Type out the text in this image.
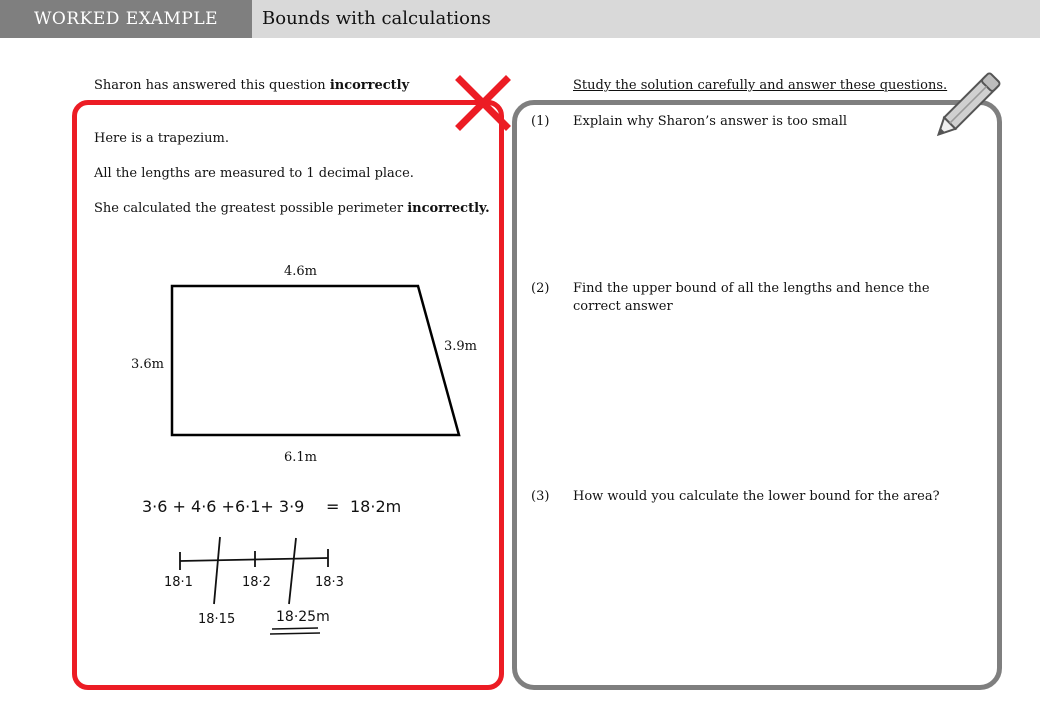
WORKED EXAMPLE	Bounds with calculations
Sharon has answered this question incorrectly	Study the solution carefully and answer these questions.
Here is a trapezium.
All the lengths are measured to 1 decimal place.
She calculated the greatest possible perimeter incorrectly.
4.6m
3.6m
3.9m
6.1m
3·6 + 4·6 +6·1+ 3·9 = 18·2m
18·1	18·2	18·3
18·15	18·25m
(1) Explain why Sharon’s answer is too small
(2) Find the upper bound of all the lengths and hence the correct answer
(3) How would you calculate the lower bound for the area?
